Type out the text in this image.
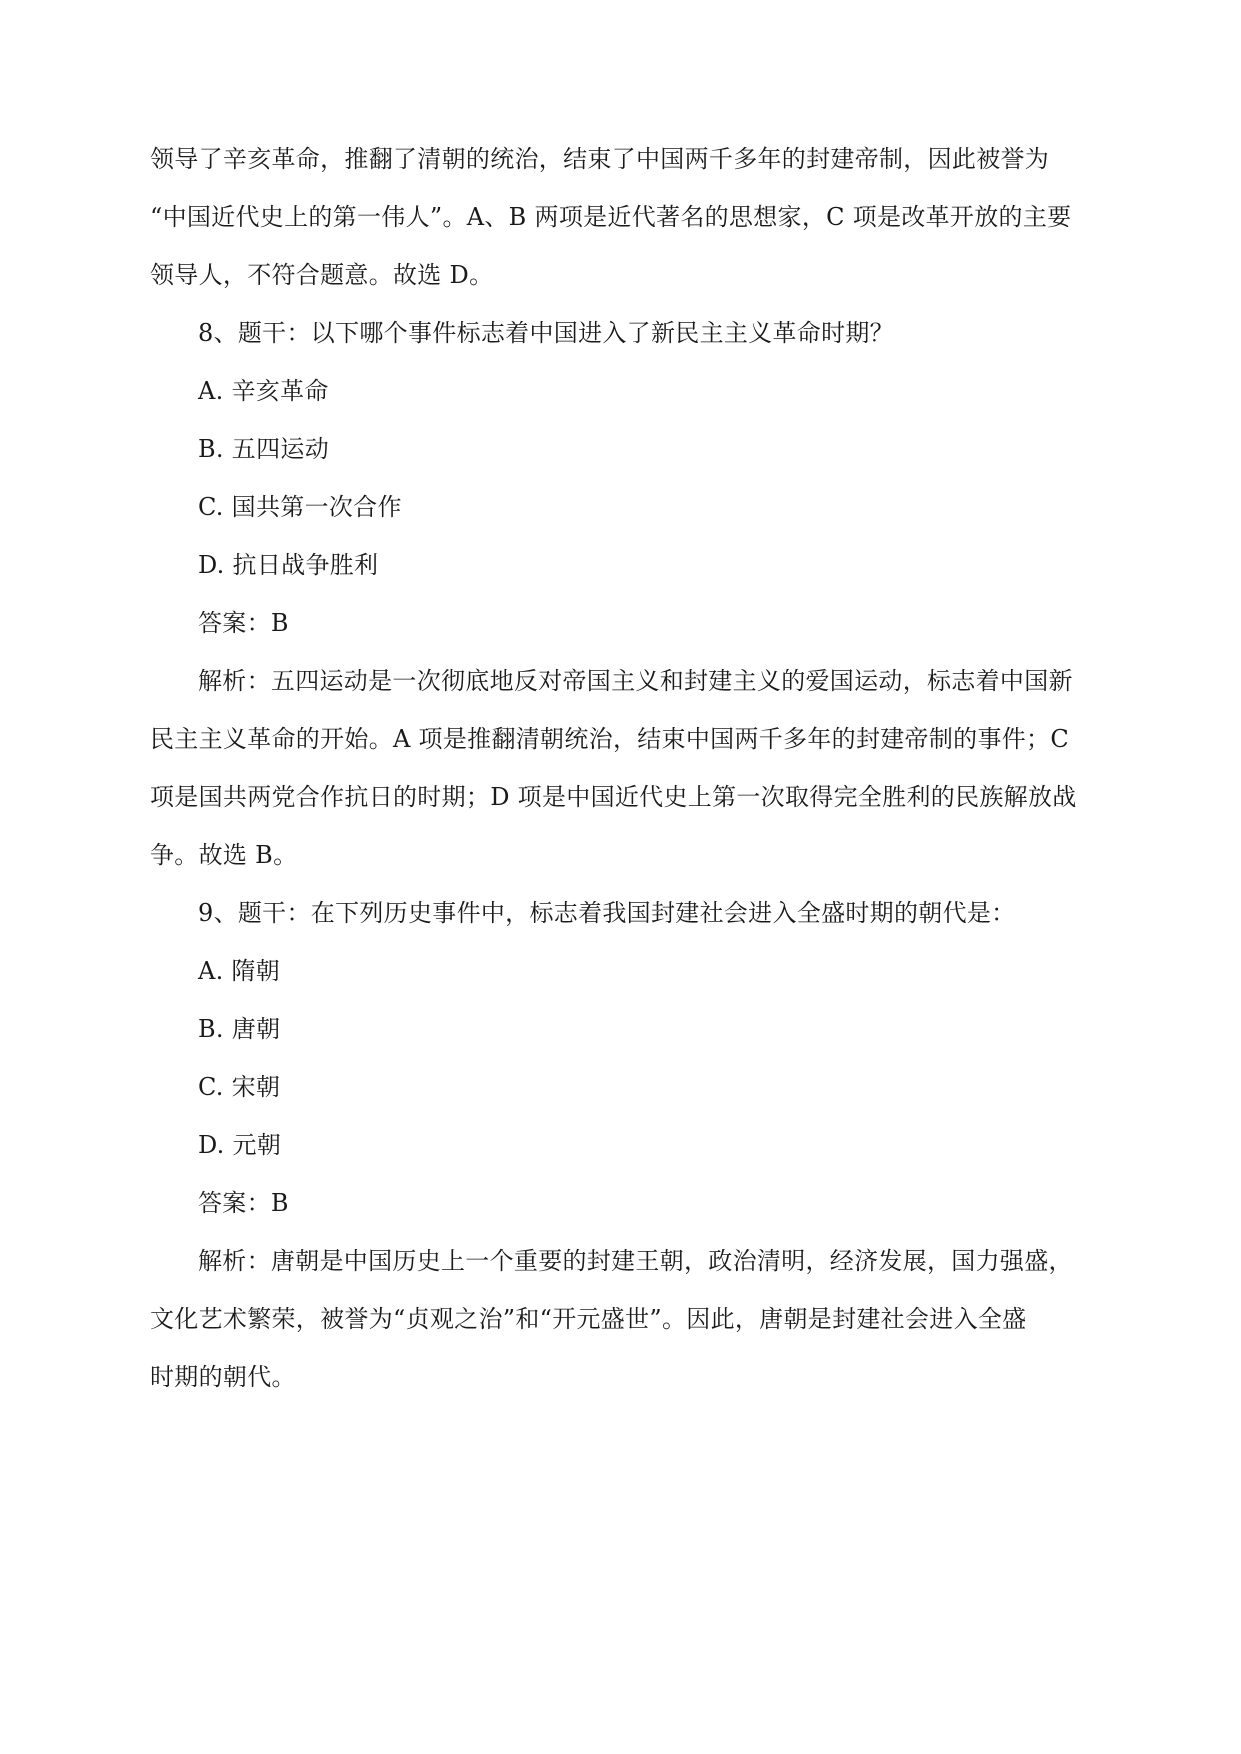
领导了辛亥革命，推翻了清朝的统治，结束了中国两千多年的封建帝制，因此被誉为
“中国近代史上的第一伟人”。A、B 两项是近代著名的思想家，C 项是改革开放的主要
领导人，不符合题意。故选 D。
8、题干：以下哪个事件标志着中国进入了新民主主义革命时期？
A. 辛亥革命
B. 五四运动
C. 国共第一次合作
D. 抗日战争胜利
答案：B
解析：五四运动是一次彻底地反对帝国主义和封建主义的爱国运动，标志着中国新
民主主义革命的开始。A 项是推翻清朝统治，结束中国两千多年的封建帝制的事件；C
项是国共两党合作抗日的时期；D 项是中国近代史上第一次取得完全胜利的民族解放战
争。故选 B。
9、题干：在下列历史事件中，标志着我国封建社会进入全盛时期的朝代是：
A. 隋朝
B. 唐朝
C. 宋朝
D. 元朝
答案：B
解析：唐朝是中国历史上一个重要的封建王朝，政治清明，经济发展，国力强盛，
文化艺术繁荣，被誉为“贞观之治”和“开元盛世”。因此，唐朝是封建社会进入全盛
时期的朝代。
